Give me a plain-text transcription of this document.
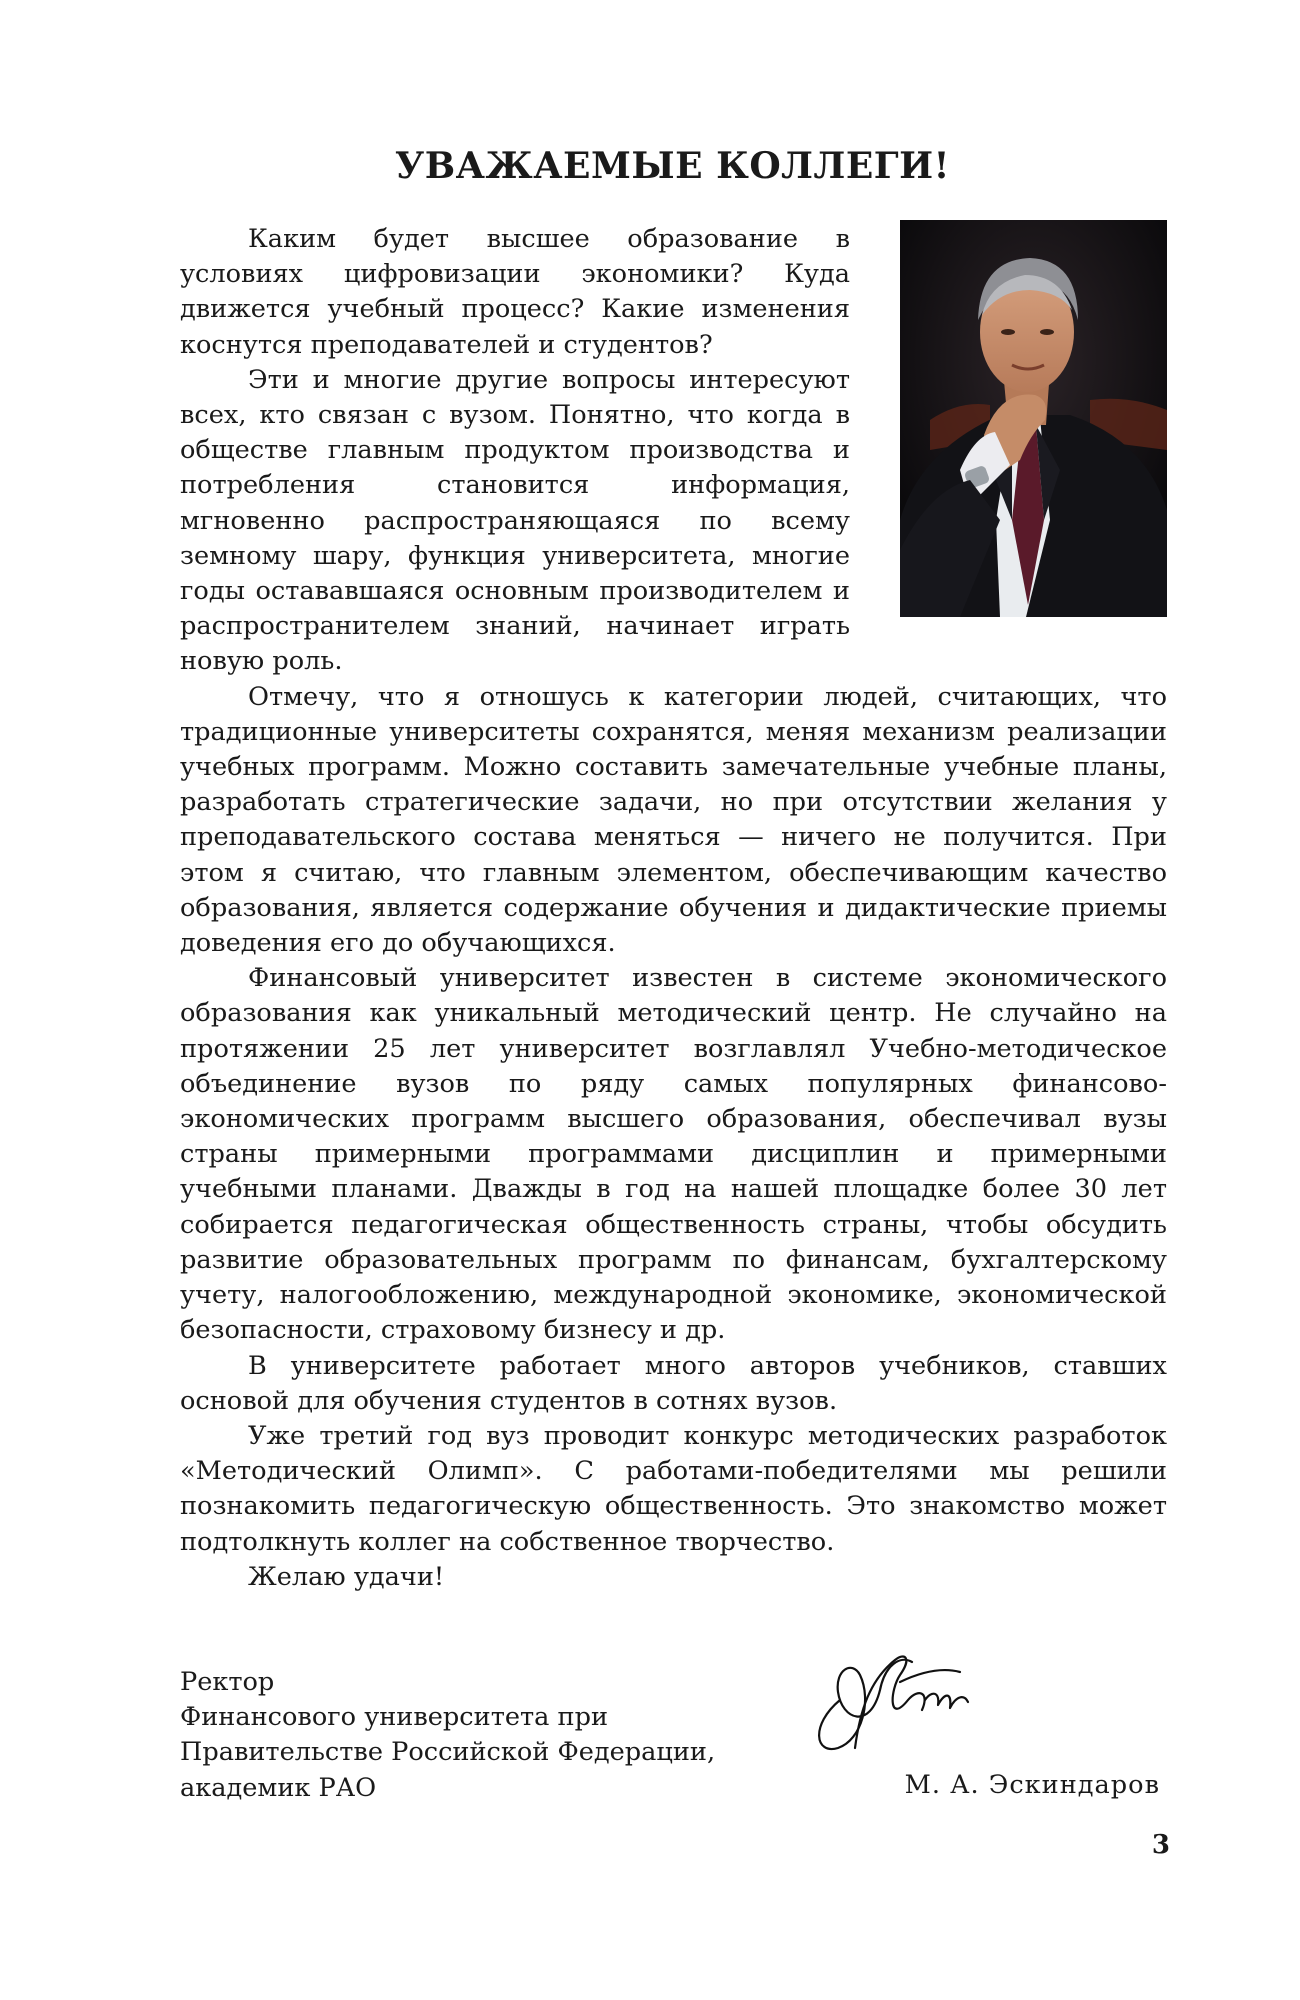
УВАЖАЕМЫЕ КОЛЛЕГИ!

Каким будет высшее образование в условиях цифровизации экономики? Куда движется учебный процесс? Какие изменения коснутся преподавателей и студентов?

Эти и многие другие вопросы интересуют всех, кто связан с вузом. Понятно, что когда в обществе главным продуктом производства и потребления становится информация, мгновенно распространяющаяся по всему земному шару, функция университета, многие годы остававшаяся основным производителем и распространителем знаний, начинает играть новую роль.

Отмечу, что я отношусь к категории людей, считающих, что традиционные университеты сохранятся, меняя механизм реализации учебных программ. Можно составить замечательные учебные планы, разработать стратегические задачи, но при отсутствии желания у преподавательского состава меняться — ничего не получится. При этом я считаю, что главным элементом, обеспечивающим качество образования, является содержание обучения и дидактические приемы доведения его до обучающихся.

Финансовый университет известен в системе экономического образования как уникальный методический центр. Не случайно на протяжении 25 лет университет возглавлял Учебно-методическое объединение вузов по ряду самых популярных финансово-экономических программ высшего образования, обеспечивал вузы страны примерными программами дисциплин и примерными учебными планами. Дважды в год на нашей площадке более 30 лет собирается педагогическая общественность страны, чтобы обсудить развитие образовательных программ по финансам, бухгалтерскому учету, налогообложению, международной экономике, экономической безопасности, страховому бизнесу и др.

В университете работает много авторов учебников, ставших основой для обучения студентов в сотнях вузов.

Уже третий год вуз проводит конкурс методических разработок «Методический Олимп». С работами-победителями мы решили познакомить педагогическую общественность. Это знакомство может подтолкнуть коллег на собственное творчество.

Желаю удачи!

Ректор
Финансового университета при
Правительстве Российской Федерации,
академик РАО	М. А. Эскиндаров
3
